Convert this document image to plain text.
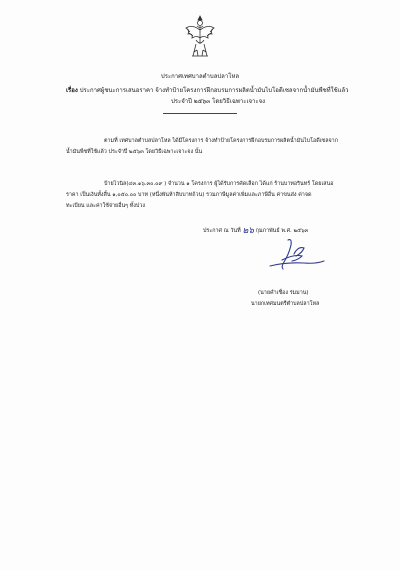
ประกาศเทศบาลตำบลปลาโหล
เรื่อง ประกาศผู้ชนะการเสนอราคา จ้างทำป้ายโครงการฝึกอบรมการผลิตน้ำมันไบโอดีเซลจากน้ำมันพืชที่ใช้แล้ว
ประจำปี ๒๕๖๓ โดยวิธีเฉพาะเจาะจง
ตามที่ เทศบาลตำบลปลาโหล ได้มีโครงการ จ้างทำป้ายโครงการฝึกอบรมการผลิตน้ำมันไบโอดีเซลจาก
น้ำมันพืชที่ใช้แล้ว ประจำปี ๒๕๖๓ โดยวิธีเฉพาะเจาะจง นั้น
ป้ายไวนิล(๔๓.๑๖.๓๐.๐๙ ) จำนวน ๑ โครงการ ผู้ได้รับการคัดเลือก ได้แก่ ร้านบาทอรินทร์ โดยเสนอ
ราคา เป็นเงินทั้งสิ้น ๑,๐๕๐.๐๐ บาท (หนึ่งพันห้าสิบบาทถ้วน) รวมภาษีมูลค่าเพิ่มและภาษีอื่น ค่าขนส่ง ค่าจด
ทะเบียน และค่าใช้จ่ายอื่นๆ ทั้งปวง
ประกาศ ณ วันที่ ๒๖ กุมภาพันธ์ พ.ศ. ๒๕๖๓
(นายคำเชื่อง ร่มมาน)
นายกเทศมนตรีตำบลปลาโหล
